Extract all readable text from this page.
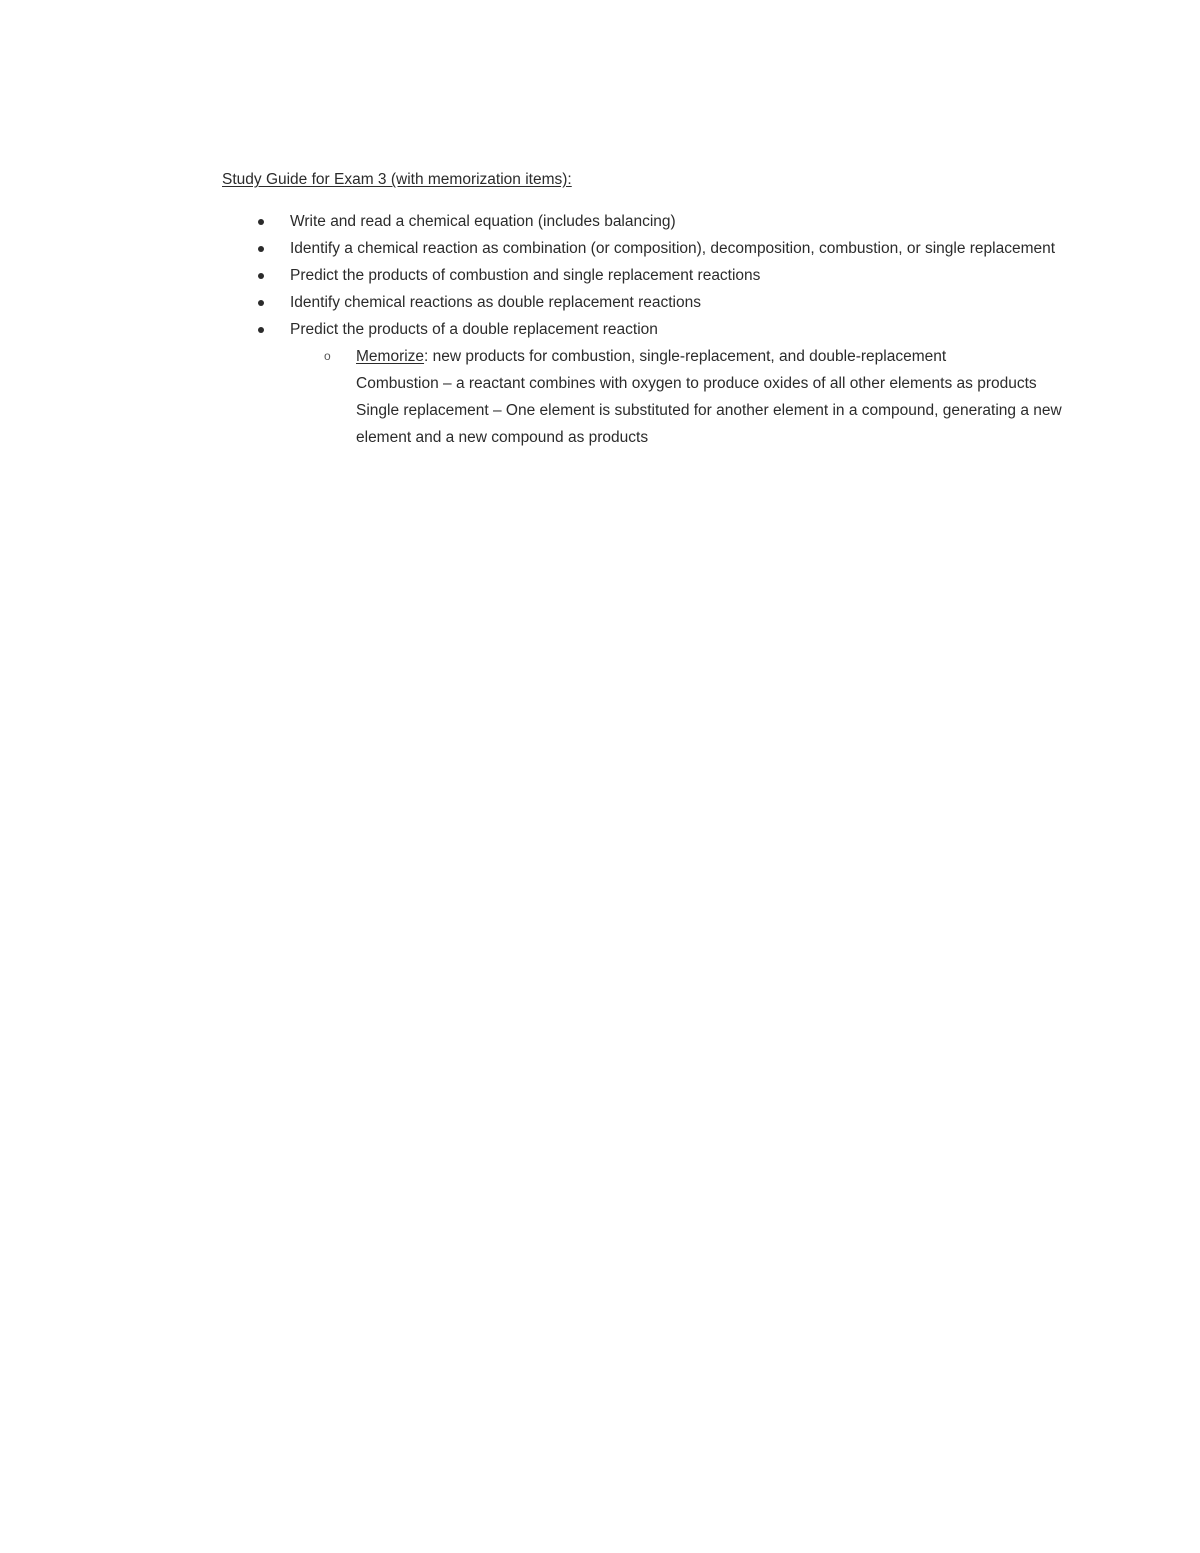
Study Guide for Exam 3 (with memorization items):
Write and read a chemical equation (includes balancing)
Identify a chemical reaction as combination (or composition), decomposition, combustion, or single replacement
Predict the products of combustion and single replacement reactions
Identify chemical reactions as double replacement reactions
Predict the products of a double replacement reaction
o Memorize: new products for combustion, single-replacement, and double-replacement
Combustion – a reactant combines with oxygen to produce oxides of all other elements as products
Single replacement – One element is substituted for another element in a compound, generating a new element and a new compound as products
